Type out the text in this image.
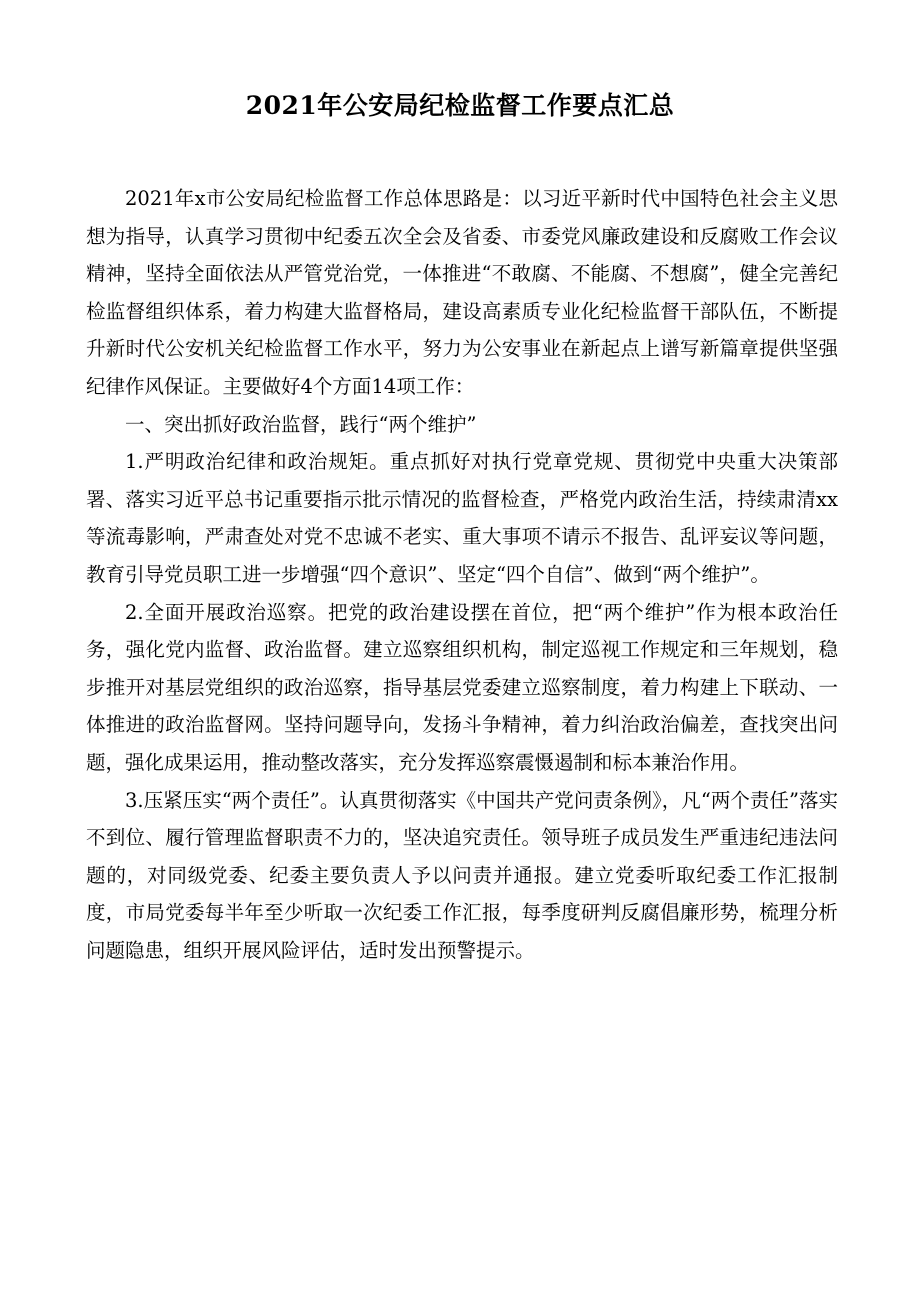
2021年公安局纪检监督工作要点汇总

2021年x市公安局纪检监督工作总体思路是：以习近平新时代中国特色社会主义思想为指导，认真学习贯彻中纪委五次全会及省委、市委党风廉政建设和反腐败工作会议精神，坚持全面依法从严管党治党，一体推进“不敢腐、不能腐、不想腐”，健全完善纪检监督组织体系，着力构建大监督格局，建设高素质专业化纪检监督干部队伍，不断提升新时代公安机关纪检监督工作水平，努力为公安事业在新起点上谱写新篇章提供坚强纪律作风保证。主要做好4个方面14项工作：

一、突出抓好政治监督，践行“两个维护”

1.严明政治纪律和政治规矩。重点抓好对执行党章党规、贯彻党中央重大决策部署、落实习近平总书记重要指示批示情况的监督检查，严格党内政治生活，持续肃清xx等流毒影响，严肃查处对党不忠诚不老实、重大事项不请示不报告、乱评妄议等问题，教育引导党员职工进一步增强“四个意识”、坚定“四个自信”、做到“两个维护”。

2.全面开展政治巡察。把党的政治建设摆在首位，把“两个维护”作为根本政治任务，强化党内监督、政治监督。建立巡察组织机构，制定巡视工作规定和三年规划，稳步推开对基层党组织的政治巡察，指导基层党委建立巡察制度，着力构建上下联动、一体推进的政治监督网。坚持问题导向，发扬斗争精神，着力纠治政治偏差，查找突出问题，强化成果运用，推动整改落实，充分发挥巡察震慑遏制和标本兼治作用。

3.压紧压实“两个责任”。认真贯彻落实《中国共产党问责条例》，凡“两个责任”落实不到位、履行管理监督职责不力的，坚决追究责任。领导班子成员发生严重违纪违法问题的，对同级党委、纪委主要负责人予以问责并通报。建立党委听取纪委工作汇报制度，市局党委每半年至少听取一次纪委工作汇报，每季度研判反腐倡廉形势，梳理分析问题隐患，组织开展风险评估，适时发出预警提示。
